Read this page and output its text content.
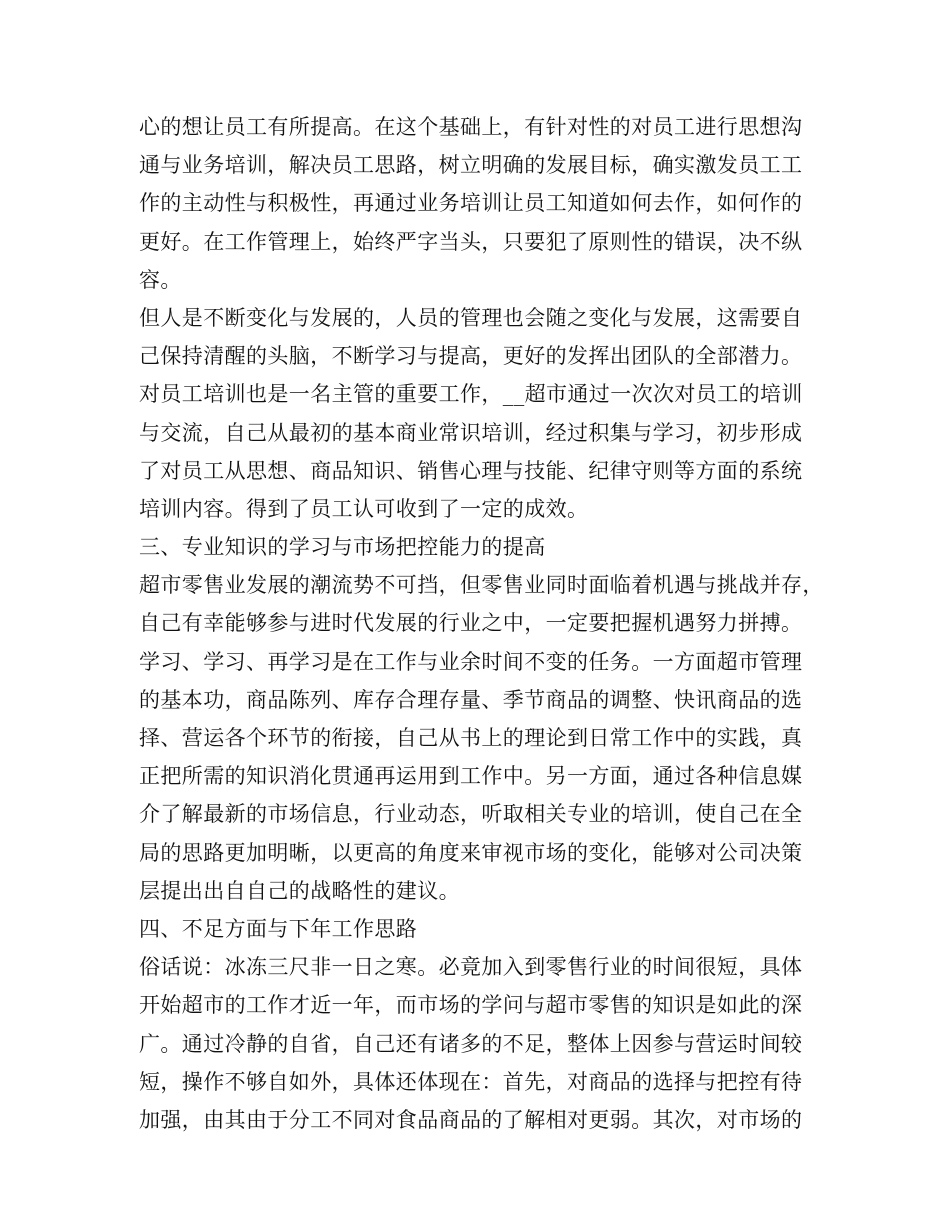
心的想让员工有所提高。在这个基础上，有针对性的对员工进行思想沟
通与业务培训，解决员工思路，树立明确的发展目标，确实激发员工工
作的主动性与积极性，再通过业务培训让员工知道如何去作，如何作的
更好。在工作管理上，始终严字当头，只要犯了原则性的错误，决不纵
容。
但人是不断变化与发展的，人员的管理也会随之变化与发展，这需要自
己保持清醒的头脑，不断学习与提高，更好的发挥出团队的全部潜力。
对员工培训也是一名主管的重要工作，__超市通过一次次对员工的培训
与交流，自己从最初的基本商业常识培训，经过积集与学习，初步形成
了对员工从思想、商品知识、销售心理与技能、纪律守则等方面的系统
培训内容。得到了员工认可收到了一定的成效。
三、专业知识的学习与市场把控能力的提高
超市零售业发展的潮流势不可挡，但零售业同时面临着机遇与挑战并存，
自己有幸能够参与进时代发展的行业之中，一定要把握机遇努力拼搏。
学习、学习、再学习是在工作与业余时间不变的任务。一方面超市管理
的基本功，商品陈列、库存合理存量、季节商品的调整、快讯商品的选
择、营运各个环节的衔接，自己从书上的理论到日常工作中的实践，真
正把所需的知识消化贯通再运用到工作中。另一方面，通过各种信息媒
介了解最新的市场信息，行业动态，听取相关专业的培训，使自己在全
局的思路更加明晰，以更高的角度来审视市场的变化，能够对公司决策
层提出出自自己的战略性的建议。
四、不足方面与下年工作思路
俗话说：冰冻三尺非一日之寒。必竟加入到零售行业的时间很短，具体
开始超市的工作才近一年，而市场的学问与超市零售的知识是如此的深
广。通过冷静的自省，自己还有诸多的不足，整体上因参与营运时间较
短，操作不够自如外，具体还体现在：首先，对商品的选择与把控有待
加强，由其由于分工不同对食品商品的了解相对更弱。其次，对市场的
